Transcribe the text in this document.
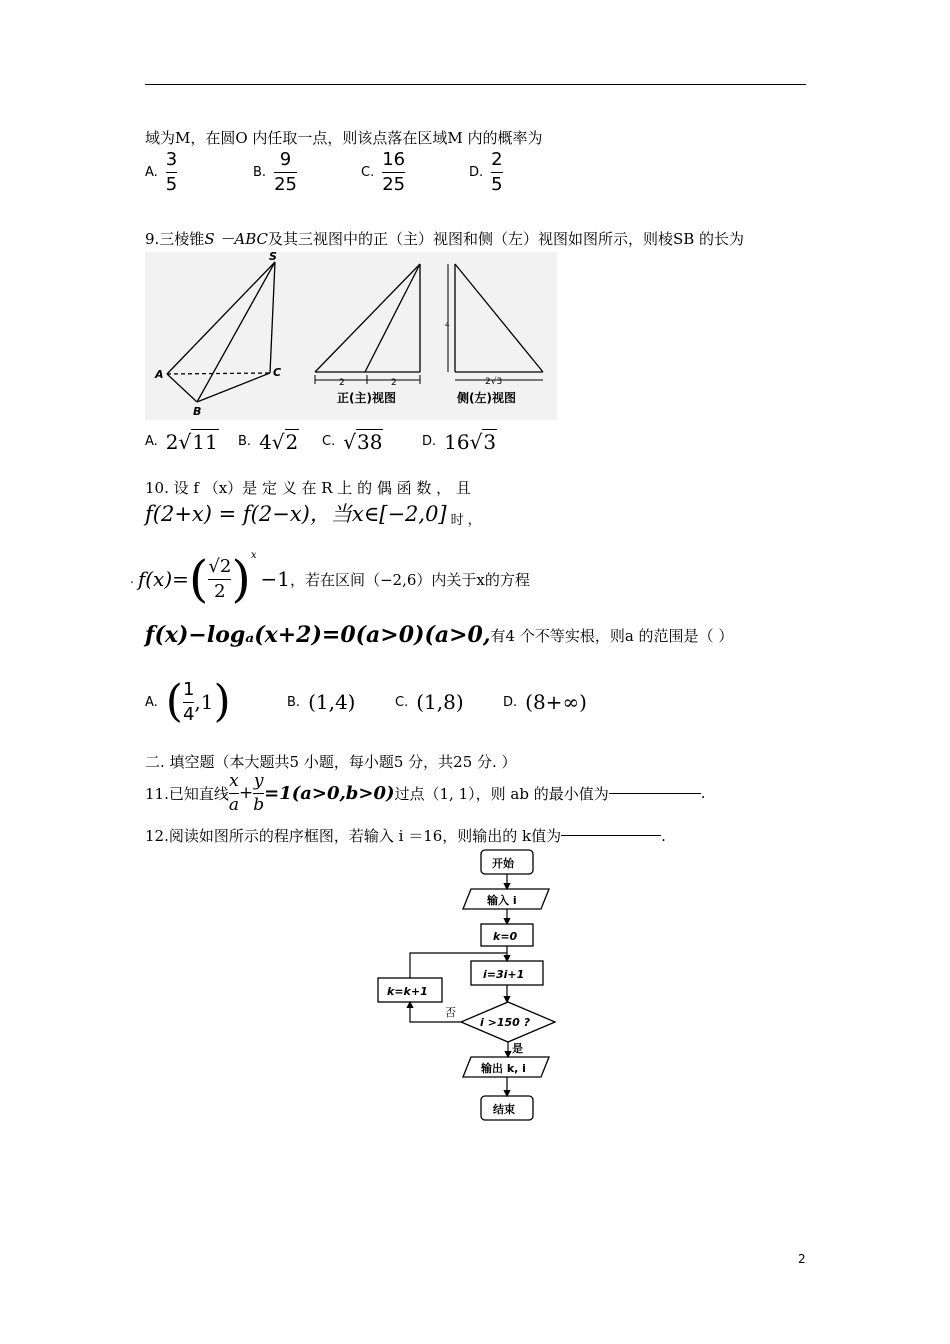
域为M，在圆O 内任取一点，则该点落在区域M 内的概率为
A. $\frac{3}{5}$	B. $\frac{9}{25}$	C. $\frac{16}{25}$	D. $\frac{2}{5}$
9.三棱锥S －ABC及其三视图中的正（主）视图和侧（左）视图如图所示，则棱SB 的长为
S
A
B
C
2	2
正(主)视图
4
2√3
侧(左)视图
A. 2 √ 11 B. 4 √ 2 C. √ 38	D. 16 √ 3
10. 设 f （x）是 定 义 在 R 上 的 偶 函 数 ， 且
f(2+x) = f(2−x)，当x∈[−2,0] 时 ，
. f(x)= ( $\frac{√2}{2}$ ) x
−1 ，若在区间（−2,6）内关于x的方程
f(x)−logₐ(x+2)=0(a>0)(a>0, 有4 个不等实根，则a 的范围是（ ）
A. ( $\frac{1}{4} ,1$ )	B. (1,4)	C. (1,8)	D. (8+∞)
二. 填空题（本大题共5 小题，每小题5 分，共25 分. ）
11.已知直线 $\frac{x}{a} + \frac{y}{b} =1(a>0,b>0)$ 过点（1, 1），则 ab 的最小值为	.
12.阅读如图所示的程序框图，若输入 i ＝16，则输出的 k值为	.
开始
输入 i
k=0
i=3i+1
i >150 ?
k=k+1
否
是
输出 k, i
结束
2
